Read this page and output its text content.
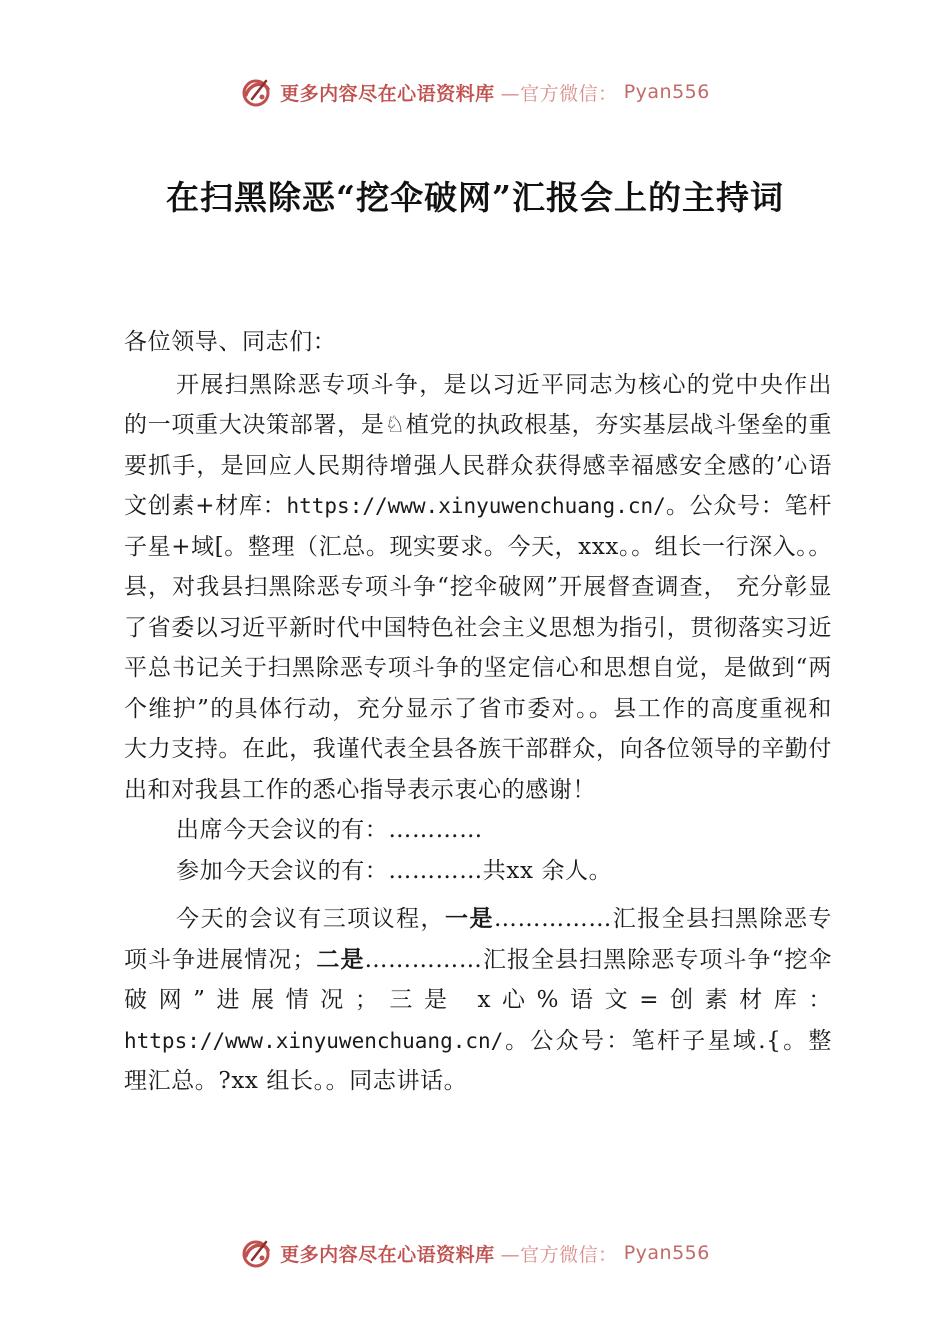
更多内容尽在心语资料库 —官方微信： Pyan556
在扫黑除恶“挖伞破网”汇报会上的主持词

各位领导、同志们：

开展扫黑除恶专项斗争，是以习近平同志为核心的党中央作出的一项重大决策部署，是♘植党的执政根基，夯实基层战斗堡垒的重要抓手，是回应人民期待增强人民群众获得感幸福感安全感的’心语文创素+材库：https://www.xinyuwenchuang.cn/。公众号：笔杆子星+域[。整理（汇总。现实要求。今天，xxx。。组长一行深入。。县，对我县扫黑除恶专项斗争“挖伞破网”开展督查调查， 充分彰显了省委以习近平新时代中国特色社会主义思想为指引，贯彻落实习近平总书记关于扫黑除恶专项斗争的坚定信心和思想自觉，是做到“两个维护”的具体行动，充分显示了省市委对。。县工作的高度重视和大力支持。在此，我谨代表全县各族干部群众，向各位领导的辛勤付出和对我县工作的悉心指导表示衷心的感谢！

出席今天会议的有：…………

参加今天会议的有：…………共xx 余人。

今天的会议有三项议程，一是……………汇报全县扫黑除恶专项斗争进展情况；二是……………汇报全县扫黑除恶专项斗争“挖伞破网”进展情况；三是 x心%语文=创素材库：https://www.xinyuwenchuang.cn/。公众号：笔杆子星域.{。整理汇总。?xx 组长。。同志讲话。

更多内容尽在心语资料库 —官方微信： Pyan556
